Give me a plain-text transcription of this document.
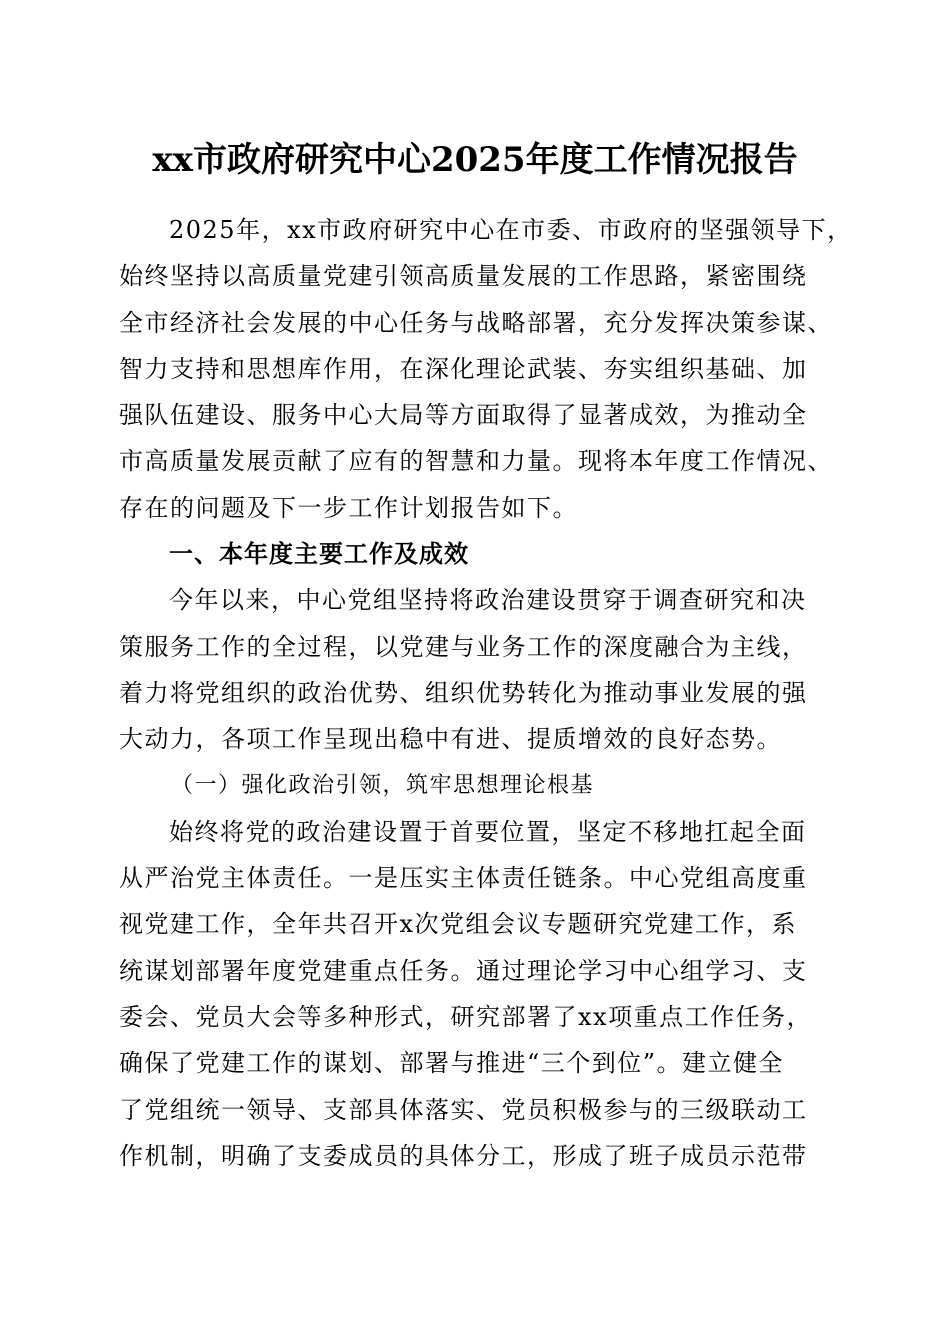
xx市政府研究中心2025年度工作情况报告
2025年，xx市政府研究中心在市委、市政府的坚强领导下，
始终坚持以高质量党建引领高质量发展的工作思路，紧密围绕
全市经济社会发展的中心任务与战略部署，充分发挥决策参谋、
智力支持和思想库作用，在深化理论武装、夯实组织基础、加
强队伍建设、服务中心大局等方面取得了显著成效，为推动全
市高质量发展贡献了应有的智慧和力量。现将本年度工作情况、
存在的问题及下一步工作计划报告如下。
一、本年度主要工作及成效
今年以来，中心党组坚持将政治建设贯穿于调查研究和决
策服务工作的全过程，以党建与业务工作的深度融合为主线，
着力将党组织的政治优势、组织优势转化为推动事业发展的强
大动力，各项工作呈现出稳中有进、提质增效的良好态势。
（一）强化政治引领，筑牢思想理论根基
始终将党的政治建设置于首要位置，坚定不移地扛起全面
从严治党主体责任。一是压实主体责任链条。中心党组高度重
视党建工作，全年共召开x次党组会议专题研究党建工作，系
统谋划部署年度党建重点任务。通过理论学习中心组学习、支
委会、党员大会等多种形式，研究部署了xx项重点工作任务，
确保了党建工作的谋划、部署与推进“三个到位”。建立健全
了党组统一领导、支部具体落实、党员积极参与的三级联动工
作机制，明确了支委成员的具体分工，形成了班子成员示范带
